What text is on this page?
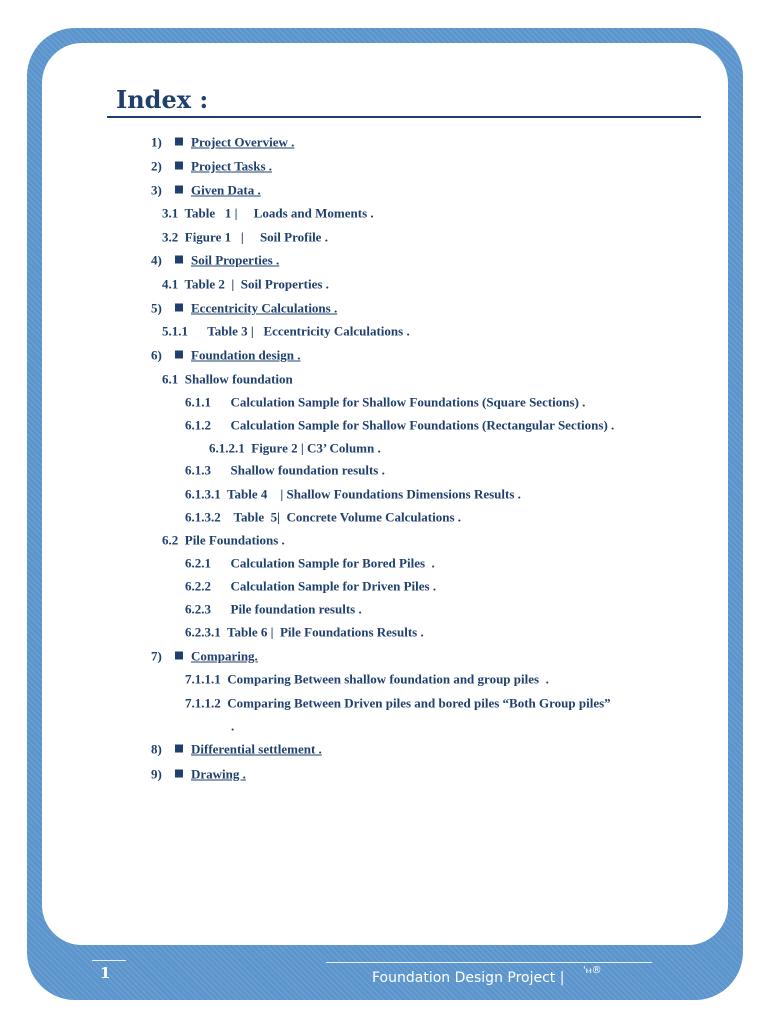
Index :

1) Project Overview .

2) Project Tasks .

3) Given Data .

3.1  Table   1 |     Loads and Moments .
3.2  Figure 1   |     Soil Profile .

4) Soil Properties .

4.1  Table 2  |  Soil Properties .

5) Eccentricity Calculations .

5.1.1      Table 3 |   Eccentricity Calculations .

6) Foundation design .

6.1  Shallow foundation
6.1.1      Calculation Sample for Shallow Foundations (Square Sections) .
6.1.2      Calculation Sample for Shallow Foundations (Rectangular Sections) .
6.1.2.1  Figure 2 | C3’ Column .
6.1.3      Shallow foundation results .
6.1.3.1  Table 4    | Shallow Foundations Dimensions Results .
6.1.3.2    Table  5|  Concrete Volume Calculations .
6.2  Pile Foundations .
6.2.1      Calculation Sample for Bored Piles  .
6.2.2      Calculation Sample for Driven Piles .
6.2.3      Pile foundation results .
6.2.3.1  Table 6 |  Pile Foundations Results .

7) Comparing.

7.1.1.1  Comparing Between shallow foundation and group piles  .
7.1.1.2  Comparing Between Driven piles and bored piles “Both Group piles”
.

8) Differential settlement .

9) Drawing .

1	Foundation Design Project | 'ⲙ®
